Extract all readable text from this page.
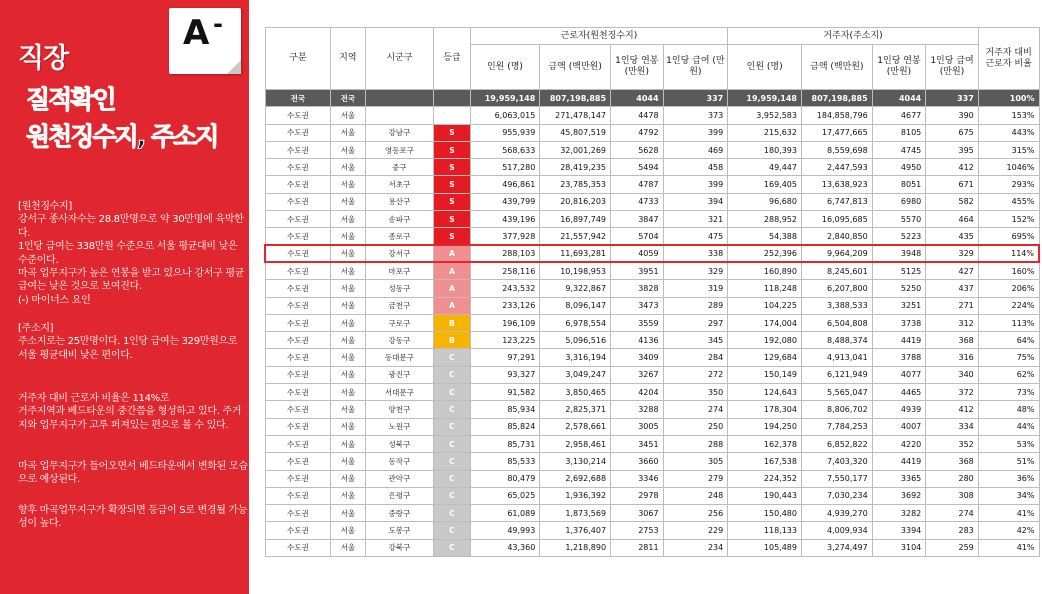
직장
질적확인
원천징수지, 주소지
A -
[원천징수지]
강서구 종사자수는 28.8만명으로 약 30만명에 육박한다.
1인당 급여는 338만원 수준으로 서울 평균대비 낮은 수준이다.
마곡 업무지구가 높은 연봉을 받고 있으나 강서구 평균 급여는 낮은 것으로 보여진다.
(-) 마이너스 요인
[주소지]
주소지로는 25만명이다. 1인당 급여는 329만원으로 서울 평균대비 낮은 편이다.
거주자 대비 근로자 비율은 114%로
거주지역과 베드타운의 중간쯤을 형성하고 있다. 주거지와 업무지구가 고루 퍼져있는 편으로 볼 수 있다.
마곡 업무지구가 들어오면서 베드타운에서 변화된 모습으로 예상된다.
향후 마곡업무지구가 확장되면 등급이 S로 변경될 가능성이 높다.
구분	지역	시군구	등급	근로자(원천징수지)				거주자(주소지)				거주자 대비 근로자 비율
				인원 (명)	금액 (백만원)	1인당 연봉 (만원)	1인당 급여 (만원)	인원 (명)	금액 (백만원)	1인당 연봉 (만원)	1인당 급여 (만원)	
전국	전국			19,959,148	807,198,885	4044	337	19,959,148	807,198,885	4044	337	100%
수도권	서울			6,063,015	271,478,147	4478	373	3,952,583	184,858,796	4677	390	153%
수도권	서울	강남구	S	955,939	45,807,519	4792	399	215,632	17,477,665	8105	675	443%
수도권	서울	영등포구	S	568,633	32,001,269	5628	469	180,393	8,559,698	4745	395	315%
수도권	서울	중구	S	517,280	28,419,235	5494	458	49,447	2,447,593	4950	412	1046%
수도권	서울	서초구	S	496,861	23,785,353	4787	399	169,405	13,638,923	8051	671	293%
수도권	서울	용산구	S	439,799	20,816,203	4733	394	96,680	6,747,813	6980	582	455%
수도권	서울	송파구	S	439,196	16,897,749	3847	321	288,952	16,095,685	5570	464	152%
수도권	서울	종로구	S	377,928	21,557,942	5704	475	54,388	2,840,850	5223	435	695%
수도권	서울	강서구	A	288,103	11,693,281	4059	338	252,396	9,964,209	3948	329	114%
수도권	서울	마포구	A	258,116	10,198,953	3951	329	160,890	8,245,601	5125	427	160%
수도권	서울	성동구	A	243,532	9,322,867	3828	319	118,248	6,207,800	5250	437	206%
수도권	서울	금천구	A	233,126	8,096,147	3473	289	104,225	3,388,533	3251	271	224%
수도권	서울	구로구	B	196,109	6,978,554	3559	297	174,004	6,504,808	3738	312	113%
수도권	서울	강동구	B	123,225	5,096,516	4136	345	192,080	8,488,374	4419	368	64%
수도권	서울	동대문구	C	97,291	3,316,194	3409	284	129,684	4,913,041	3788	316	75%
수도권	서울	광진구	C	93,327	3,049,247	3267	272	150,149	6,121,949	4077	340	62%
수도권	서울	서대문구	C	91,582	3,850,465	4204	350	124,643	5,565,047	4465	372	73%
수도권	서울	양천구	C	85,934	2,825,371	3288	274	178,304	8,806,702	4939	412	48%
수도권	서울	노원구	C	85,824	2,578,661	3005	250	194,250	7,784,253	4007	334	44%
수도권	서울	성북구	C	85,731	2,958,461	3451	288	162,378	6,852,822	4220	352	53%
수도권	서울	동작구	C	85,533	3,130,214	3660	305	167,538	7,403,320	4419	368	51%
수도권	서울	관악구	C	80,479	2,692,688	3346	279	224,352	7,550,177	3365	280	36%
수도권	서울	은평구	C	65,025	1,936,392	2978	248	190,443	7,030,234	3692	308	34%
수도권	서울	중랑구	C	61,089	1,873,569	3067	256	150,480	4,939,270	3282	274	41%
수도권	서울	도봉구	C	49,993	1,376,407	2753	229	118,133	4,009,934	3394	283	42%
수도권	서울	강북구	C	43,360	1,218,890	2811	234	105,489	3,274,497	3104	259	41%
